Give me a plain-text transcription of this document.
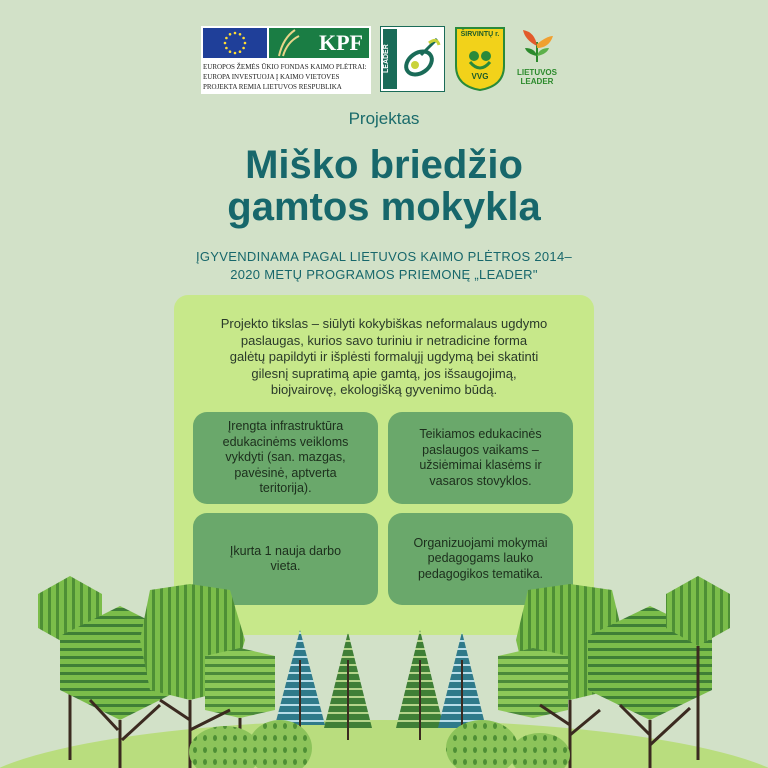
KPF
EUROPOS ŽEMĖS ŪKIO FONDAS KAIMO PLĖTRAI:
EUROPA INVESTUOJA Į KAIMO VIETOVES
PROJEKTA REMIA LIETUVOS RESPUBLIKA
LEADER
ŠIRVINTŲ r.
VVG	LIETUVOS
LEADER
Projektas
Miško briedžio
gamtos mokykla
ĮGYVENDINAMA PAGAL LIETUVOS KAIMO PLĖTROS 2014–
2020 METŲ PROGRAMOS PRIEMONĘ „LEADER"
Projekto tikslas – siūlyti kokybiškas neformalaus ugdymo
paslaugas, kurios savo turiniu ir netradicine forma
galėtų papildyti ir išplėsti formalųjį ugdymą bei skatinti
gilesnį supratimą apie gamtą, jos išsaugojimą,
biojvairovę, ekologišką gyvenimo būdą.
Įrengta infrastruktūra
edukacinėms veikloms
vykdyti (san. mazgas,
pavėsinė, aptverta
teritorija).
Teikiamos edukacinės
paslaugos vaikams –
užsiėmimai klasėms ir
vasaros stovyklos.
Įkurta 1 nauja darbo
vieta.
Organizuojami mokymai
pedagogams lauko
pedagogikos tematika.
